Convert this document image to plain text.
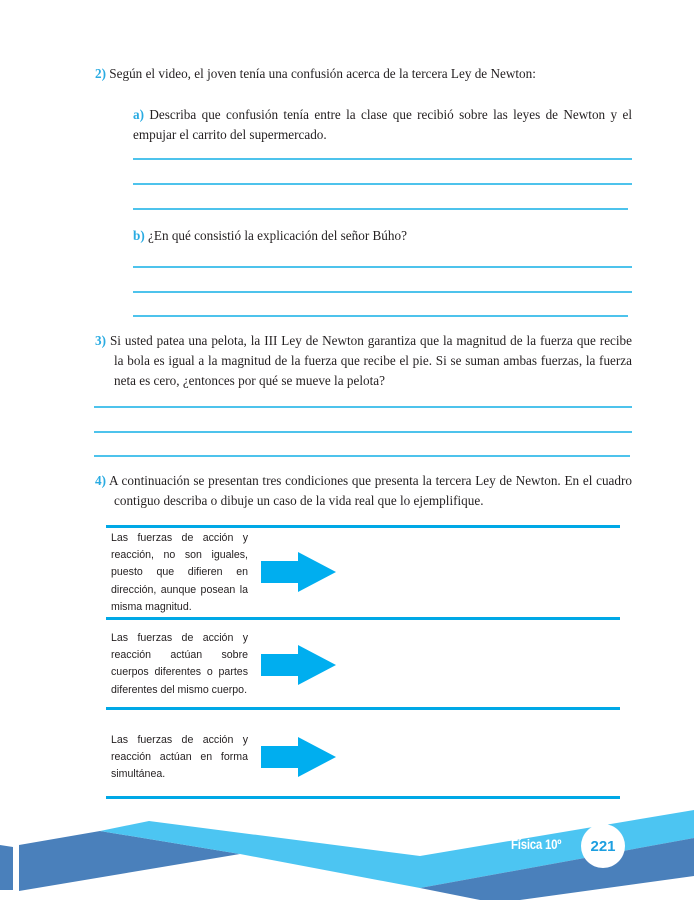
2) Según el video, el joven tenía una confusión acerca de la tercera Ley de Newton:
a) Describa que confusión tenía entre la clase que recibió sobre las leyes de Newton y el empujar el carrito del supermercado.
b) ¿En qué consistió la explicación del señor Búho?
3) Si usted patea una pelota, la III Ley de Newton garantiza que la magnitud de la fuerza que recibe la bola es igual a la magnitud de la fuerza que recibe el pie. Si se suman ambas fuerzas, la fuerza neta es cero, ¿entonces por qué se mueve la pelota?
4) A continuación se presentan tres condiciones que presenta la tercera Ley de Newton. En el cuadro contiguo describa o dibuje un caso de la vida real que lo ejemplifique.
Las fuerzas de acción y reacción, no son iguales, puesto que difieren en dirección, aunque posean la misma magnitud.
Las fuerzas de acción y reacción actúan sobre cuerpos diferentes o partes diferentes del mismo cuerpo.
Las fuerzas de acción y reacción actúan en forma simultánea.
Física 10º 221
